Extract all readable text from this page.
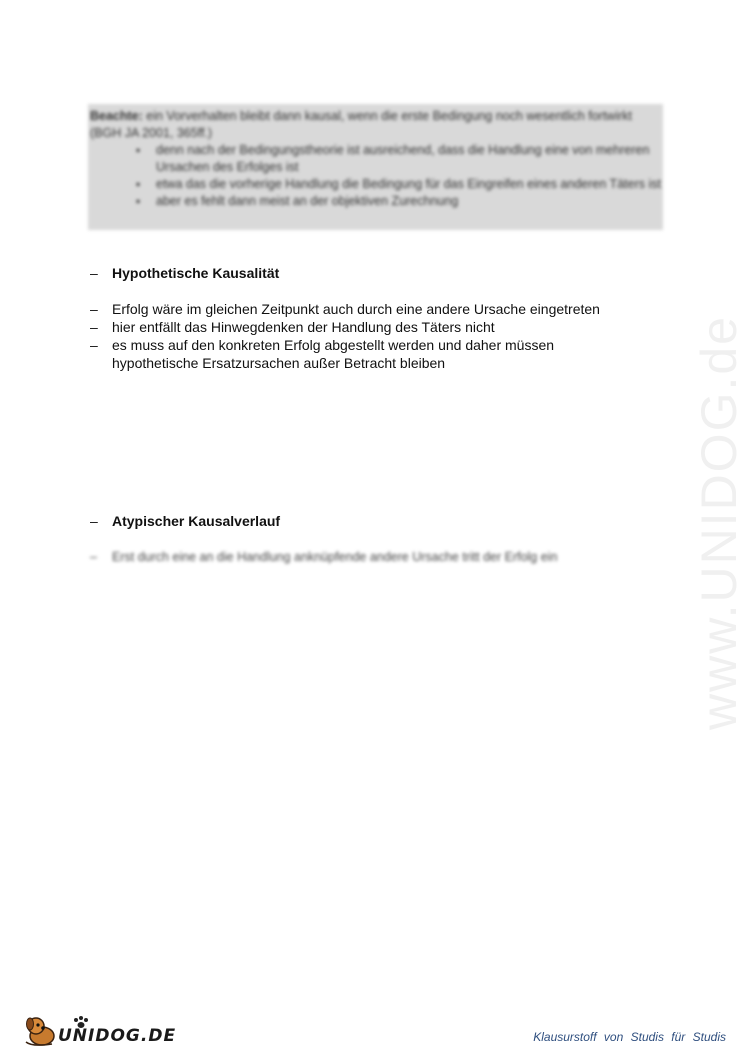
Beachte: ein Vorverhalten bleibt dann kausal, wenn die erste Bedingung noch wesentlich fortwirkt (BGH JA 2001, 365ff.)
▪ denn nach der Bedingungstheorie ist ausreichend, dass die Handlung eine von mehreren Ursachen des Erfolges ist
▪ etwa das die vorherige Handlung die Bedingung für das Eingreifen eines anderen Täters ist
▪ aber es fehlt dann meist an der objektiven Zurechnung
–	Hypothetische Kausalität
–	Erfolg wäre im gleichen Zeitpunkt auch durch eine andere Ursache eingetreten
–	hier entfällt das Hinwegdenken der Handlung des Täters nicht
–	es muss auf den konkreten Erfolg abgestellt werden und daher müssen
hypothetische Ersatzursachen außer Betracht bleiben
–	Atypischer Kausalverlauf
–	Erst durch eine an die Handlung anknüpfende andere Ursache tritt der Erfolg ein	www.UNIDOG.de
UNIDOG.DE	Klausurstoff von Studis für Studis
